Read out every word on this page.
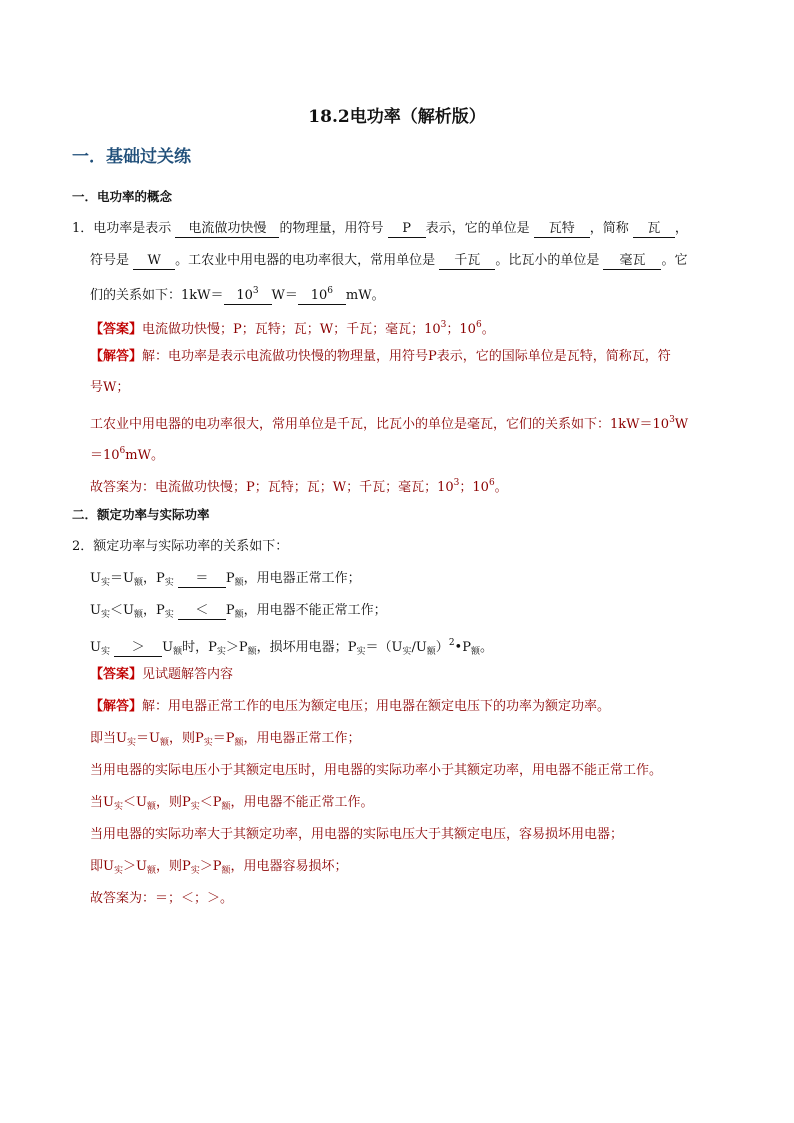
18.2电功率（解析版）
一．基础过关练
一．电功率的概念
1．电功率是表示 电流做功快慢 的物理量，用符号 P 表示，它的单位是 瓦特 ，简称 瓦 ，
符号是 W 。工农业中用电器的电功率很大，常用单位是 千瓦 。比瓦小的单位是 毫瓦 。它
们的关系如下：$1kW= 10^3$ $W= 10^6$ mW。
【答案】电流做功快慢；P；瓦特；瓦；W；千瓦；毫瓦；$10^3$；$10^6$。
【解答】解：电功率是表示电流做功快慢的物理量，用符号P表示，它的国际单位是瓦特，简称瓦，符
号W；
工农业中用电器的电功率很大，常用单位是千瓦，比瓦小的单位是毫瓦，它们的关系如下：$1kW=10^3W$
$=10^6mW$。
故答案为：电流做功快慢；P；瓦特；瓦；W；千瓦；毫瓦；$10^3$；$10^6$。
二．额定功率与实际功率
2．额定功率与实际功率的关系如下：
$U_实=U_额$，$P_实 = P_额$，用电器正常工作；
$U_实<U_额$，$P_实 < P_额$，用电器不能正常工作；
$U_实 > U_额$时，$P_实>P_额$，损坏用电器；$P_实=(U_实/U_额)^2•P_额$。
【答案】见试题解答内容
【解答】解：用电器正常工作的电压为额定电压；用电器在额定电压下的功率为额定功率。
即当$U_实=U_额$，则$P_实=P_额$，用电器正常工作；
当用电器的实际电压小于其额定电压时，用电器的实际功率小于其额定功率，用电器不能正常工作。
当$U_实<U_额$，则$P_实<P_额$，用电器不能正常工作。
当用电器的实际功率大于其额定功率，用电器的实际电压大于其额定电压，容易损坏用电器；
即$U_实>U_额$，则$P_实>P_额$，用电器容易损坏；
故答案为：＝；＜；＞。
